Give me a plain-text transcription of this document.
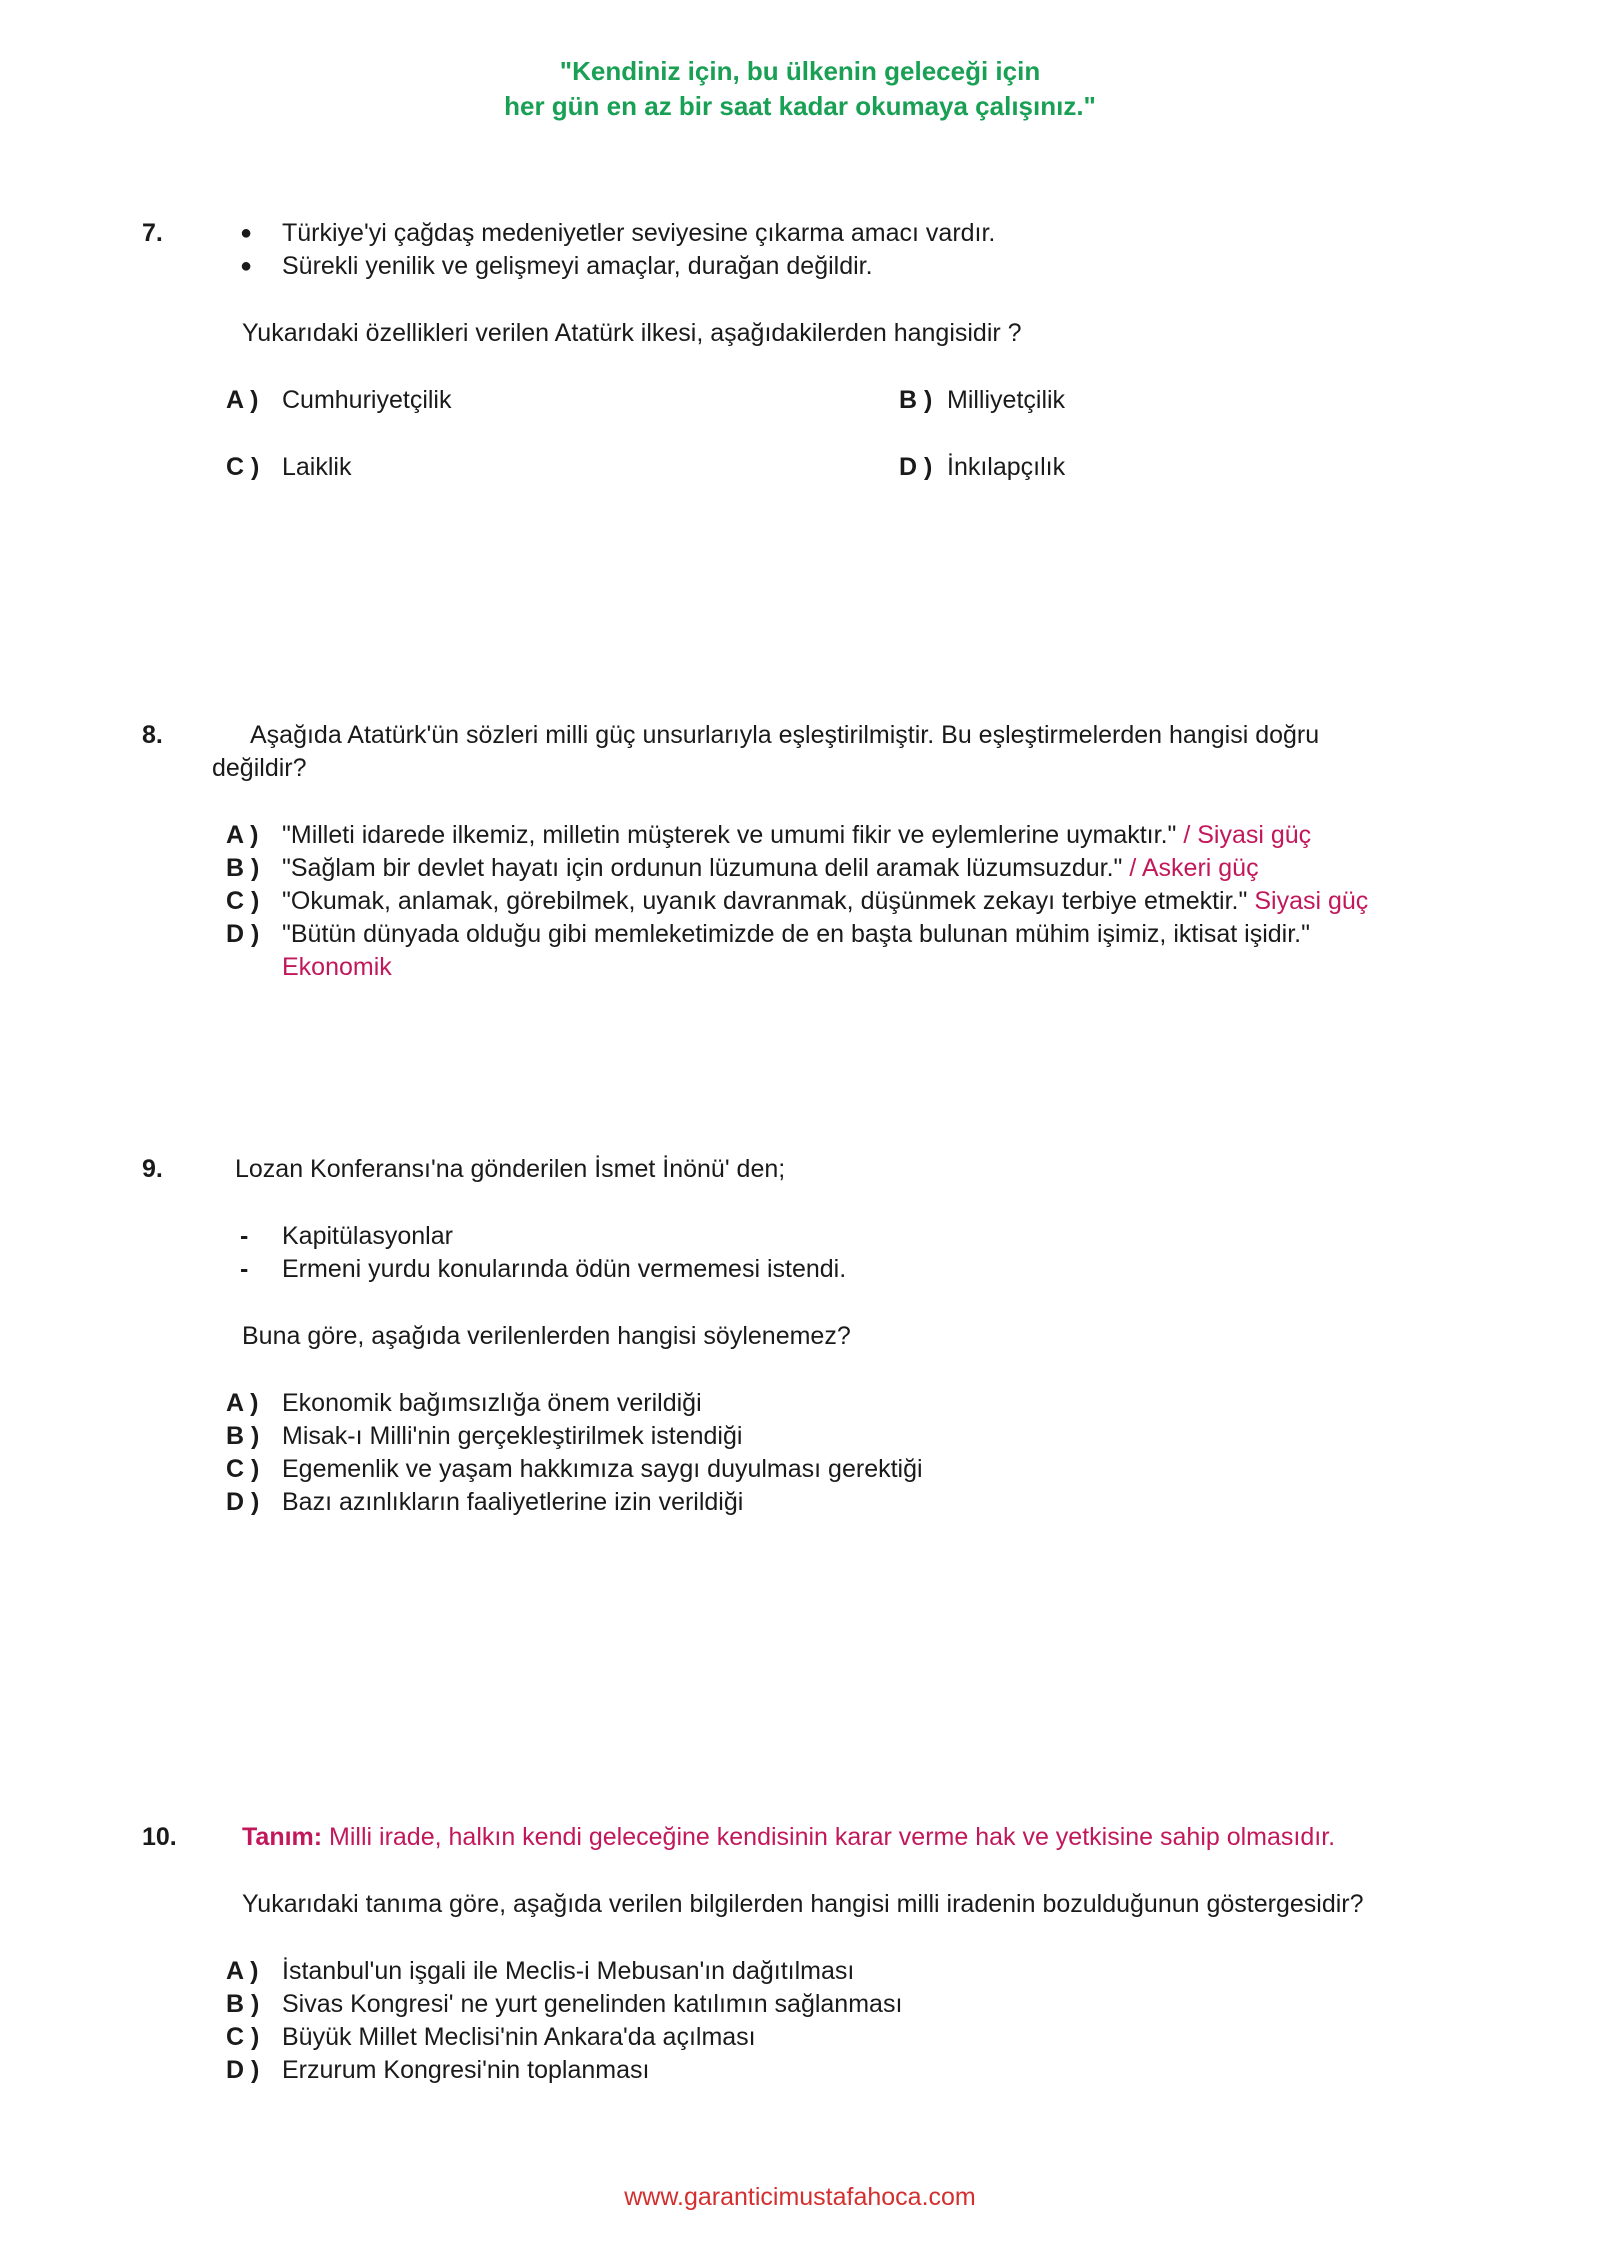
"Kendiniz için, bu ülkenin geleceği için
her gün en az bir saat kadar okumaya çalışınız."
7.	● Türkiye'yi çağdaş medeniyetler seviyesine çıkarma amacı vardır.
● Sürekli yenilik ve gelişmeyi amaçlar, durağan değildir.
Yukarıdaki özellikleri verilen Atatürk ilkesi, aşağıdakilerden hangisidir ?
A ) Cumhuriyetçilik	B ) Milliyetçilik
C ) Laiklik	D ) İnkılapçılık
8.	Aşağıda Atatürk'ün sözleri milli güç unsurlarıyla eşleştirilmiştir. Bu eşleştirmelerden hangisi doğru
değildir?
A ) "Milleti idarede ilkemiz, milletin müşterek ve umumi fikir ve eylemlerine uymaktır." / Siyasi güç
B ) "Sağlam bir devlet hayatı için ordunun lüzumuna delil aramak lüzumsuzdur." / Askeri güç
C ) "Okumak, anlamak, görebilmek, uyanık davranmak, düşünmek zekayı terbiye etmektir." Siyasi güç
D ) "Bütün dünyada olduğu gibi memleketimizde de en başta bulunan mühim işimiz, iktisat işidir."
Ekonomik
9.	Lozan Konferansı'na gönderilen İsmet İnönü' den;
- Kapitülasyonlar
- Ermeni yurdu konularında ödün vermemesi istendi.
Buna göre, aşağıda verilenlerden hangisi söylenemez?
A ) Ekonomik bağımsızlığa önem verildiği
B ) Misak-ı Milli'nin gerçekleştirilmek istendiği
C ) Egemenlik ve yaşam hakkımıza saygı duyulması gerektiği
D ) Bazı azınlıkların faaliyetlerine izin verildiği
10.	Tanım: Milli irade, halkın kendi geleceğine kendisinin karar verme hak ve yetkisine sahip olmasıdır.
Yukarıdaki tanıma göre, aşağıda verilen bilgilerden hangisi milli iradenin bozulduğunun göstergesidir?
A ) İstanbul'un işgali ile Meclis-i Mebusan'ın dağıtılması
B ) Sivas Kongresi' ne yurt genelinden katılımın sağlanması
C ) Büyük Millet Meclisi'nin Ankara'da açılması
D ) Erzurum Kongresi'nin toplanması
www.garanticimustafahoca.com
